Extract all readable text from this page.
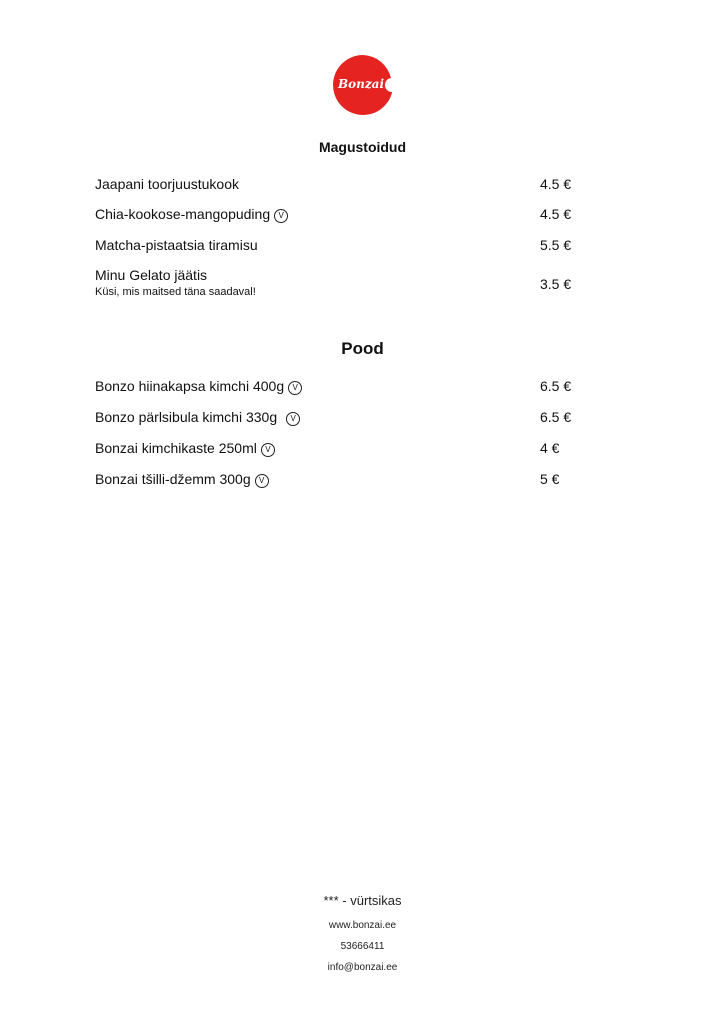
Bonzai
Magustoidud
Jaapani toorjuustukook	4.5 €
Chia-kookose-mangopuding V	4.5 €
Matcha-pistaatsia tiramisu	5.5 €
Minu Gelato jäätis
Küsi, mis maitsed täna saadaval!	3.5 €
Pood
Bonzo hiinakapsa kimchi 400g V	6.5 €
Bonzo pärlsibula kimchi 330g V	6.5 €
Bonzai kimchikaste 250ml V	4 €
Bonzai tšilli-džemm 300g V	5 €
*** - vürtsikas
www.bonzai.ee
53666411
info@bonzai.ee
